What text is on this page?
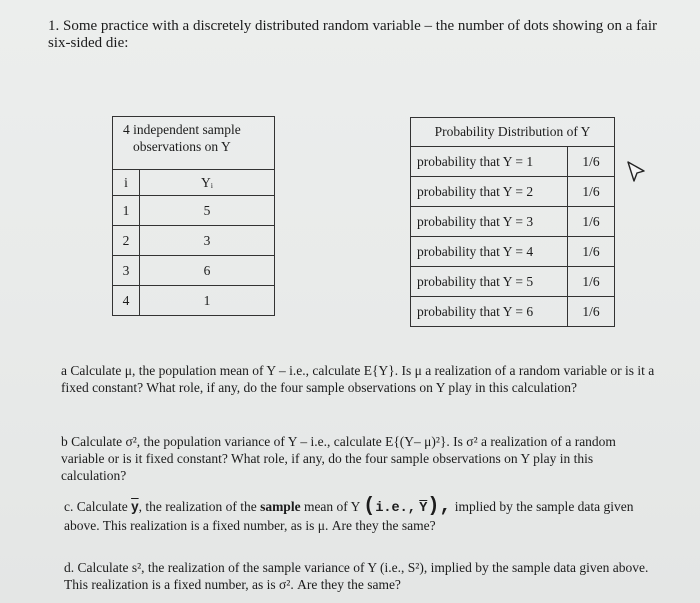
1. Some practice with a discretely distributed random variable – the number of dots showing on a fair six-sided die:
4 independent sample
observations on Y	

i	Yᵢ
1	5
2	3
3	6
4	1
Probability Distribution of Y	
probability that Y = 1	1/6
probability that Y = 2	1/6
probability that Y = 3	1/6
probability that Y = 4	1/6
probability that Y = 5	1/6
probability that Y = 6	1/6
a Calculate μ, the population mean of Y – i.e., calculate E{Y}. Is μ a realization of a random variable or is it a fixed constant? What role, if any, do the four sample observations on Y play in this calculation?
b Calculate σ², the population variance of Y – i.e., calculate E{(Y– μ)²}. Is σ² a realization of a random variable or is it fixed constant? What role, if any, do the four sample observations on Y play in this calculation?
c. Calculate $\overline{y}$, the realization of the sample mean of Y (i.e., $\overline{Y}$), implied by the sample data given above. This realization is a fixed number, as is μ. Are they the same?
d. Calculate s², the realization of the sample variance of Y (i.e., S²), implied by the sample data given above. This realization is a fixed number, as is σ². Are they the same?
